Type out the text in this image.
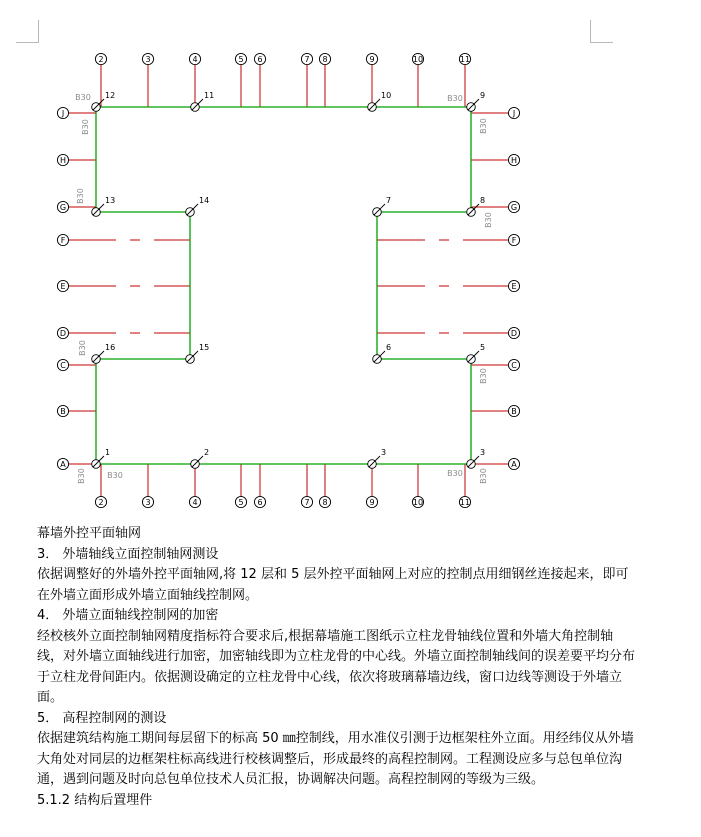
2
2
3
3
4
4
5
5
6
6
7
7
8
8
9
9
10
10
11
11
J	J
H	H
G	G
F	F
E	E
D	D
C	C
B	B
A	A
1	2	3	3
5
6
7	8
9
10
11
12
13	14
15
16
B30
B30
B30
B30
B30
B30
B30
B30
B30
B30	B30 B30

幕墙外控平面轴网

3． 外墙轴线立面控制轴网测设

依据调整好的外墙外控平面轴网,将 12 层和 5 层外控平面轴网上对应的控制点用细钢丝连接起来，即可在外墙立面形成外墙立面轴线控制网。

4． 外墙立面轴线控制网的加密

经校核外立面控制轴网精度指标符合要求后,根据幕墙施工图纸示立柱龙骨轴线位置和外墙大角控制轴线，对外墙立面轴线进行加密，加密轴线即为立柱龙骨的中心线。外墙立面控制轴线间的误差要平均分布于立柱龙骨间距内。依据测设确定的立柱龙骨中心线，依次将玻璃幕墙边线，窗口边线等测设于外墙立面。

5． 高程控制网的测设

依据建筑结构施工期间每层留下的标高 50 ㎜控制线，用水准仪引测于边框架柱外立面。用经纬仪从外墙大角处对同层的边框架柱标高线进行校核调整后，形成最终的高程控制网。工程测设应多与总包单位沟通，遇到问题及时向总包单位技术人员汇报，协调解决问题。高程控制网的等级为三级。

5.1.2 结构后置埋件
